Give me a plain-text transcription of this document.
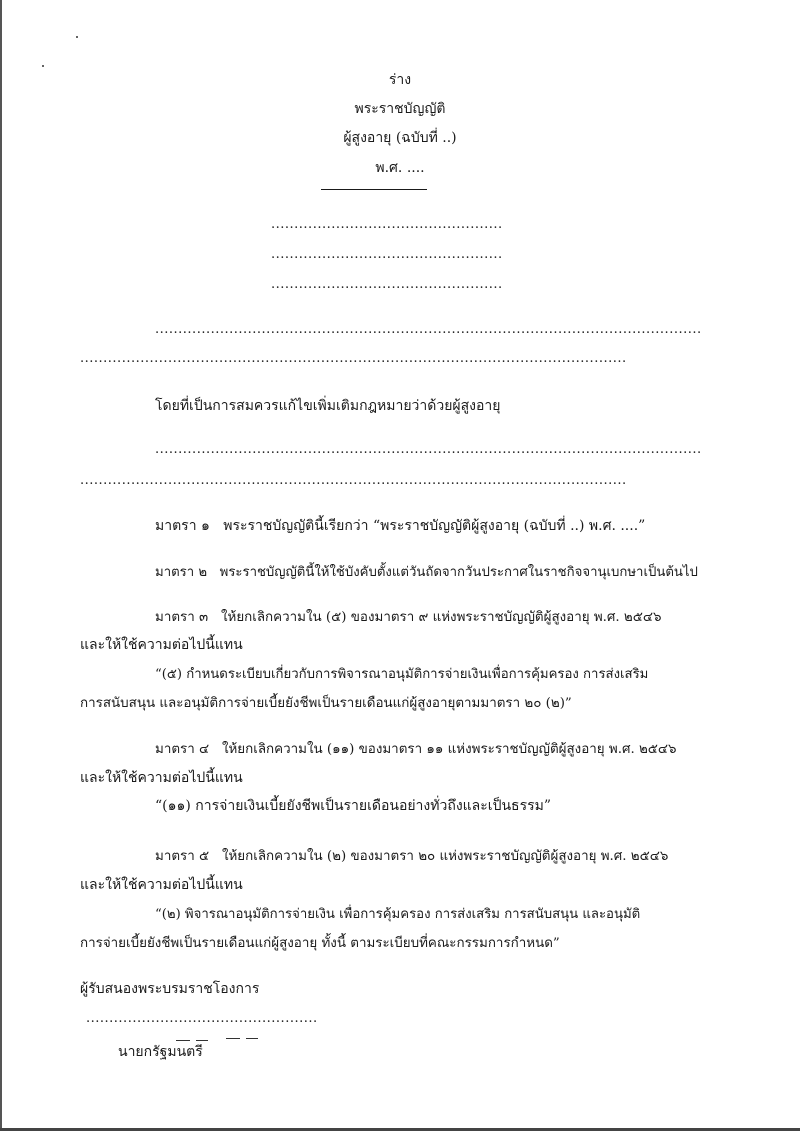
ร่าง
พระราชบัญญัติ
ผู้สูงอายุ (ฉบับที่ ..)
พ.ศ. ....
..................................................
..................................................
..................................................
......................................................................................................................
......................................................................................................................
โดยที่เป็นการสมควรแก้ไขเพิ่มเติมกฎหมายว่าด้วยผู้สูงอายุ
......................................................................................................................
......................................................................................................................
มาตรา ๑ พระราชบัญญัตินี้เรียกว่า “พระราชบัญญัติผู้สูงอายุ (ฉบับที่ ..) พ.ศ. ....”
มาตรา ๒ พระราชบัญญัตินี้ให้ใช้บังคับตั้งแต่วันถัดจากวันประกาศในราชกิจจานุเบกษาเป็นต้นไป
มาตรา ๓ ให้ยกเลิกความใน (๕) ของมาตรา ๙ แห่งพระราชบัญญัติผู้สูงอายุ พ.ศ. ๒๕๔๖
และให้ใช้ความต่อไปนี้แทน
“(๕) กำหนดระเบียบเกี่ยวกับการพิจารณาอนุมัติการจ่ายเงินเพื่อการคุ้มครอง การส่งเสริม
การสนับสนุน และอนุมัติการจ่ายเบี้ยยังชีพเป็นรายเดือนแก่ผู้สูงอายุตามมาตรา ๒๐ (๒)”
มาตรา ๔ ให้ยกเลิกความใน (๑๑) ของมาตรา ๑๑ แห่งพระราชบัญญัติผู้สูงอายุ พ.ศ. ๒๕๔๖
และให้ใช้ความต่อไปนี้แทน
“(๑๑) การจ่ายเงินเบี้ยยังชีพเป็นรายเดือนอย่างทั่วถึงและเป็นธรรม”
มาตรา ๕ ให้ยกเลิกความใน (๒) ของมาตรา ๒๐ แห่งพระราชบัญญัติผู้สูงอายุ พ.ศ. ๒๕๔๖
และให้ใช้ความต่อไปนี้แทน
“(๒) พิจารณาอนุมัติการจ่ายเงิน เพื่อการคุ้มครอง การส่งเสริม การสนับสนุน และอนุมัติ
การจ่ายเบี้ยยังชีพเป็นรายเดือนแก่ผู้สูงอายุ ทั้งนี้ ตามระเบียบที่คณะกรรมการกำหนด”
ผู้รับสนองพระบรมราชโองการ
..................................................
นายกรัฐมนตรี
